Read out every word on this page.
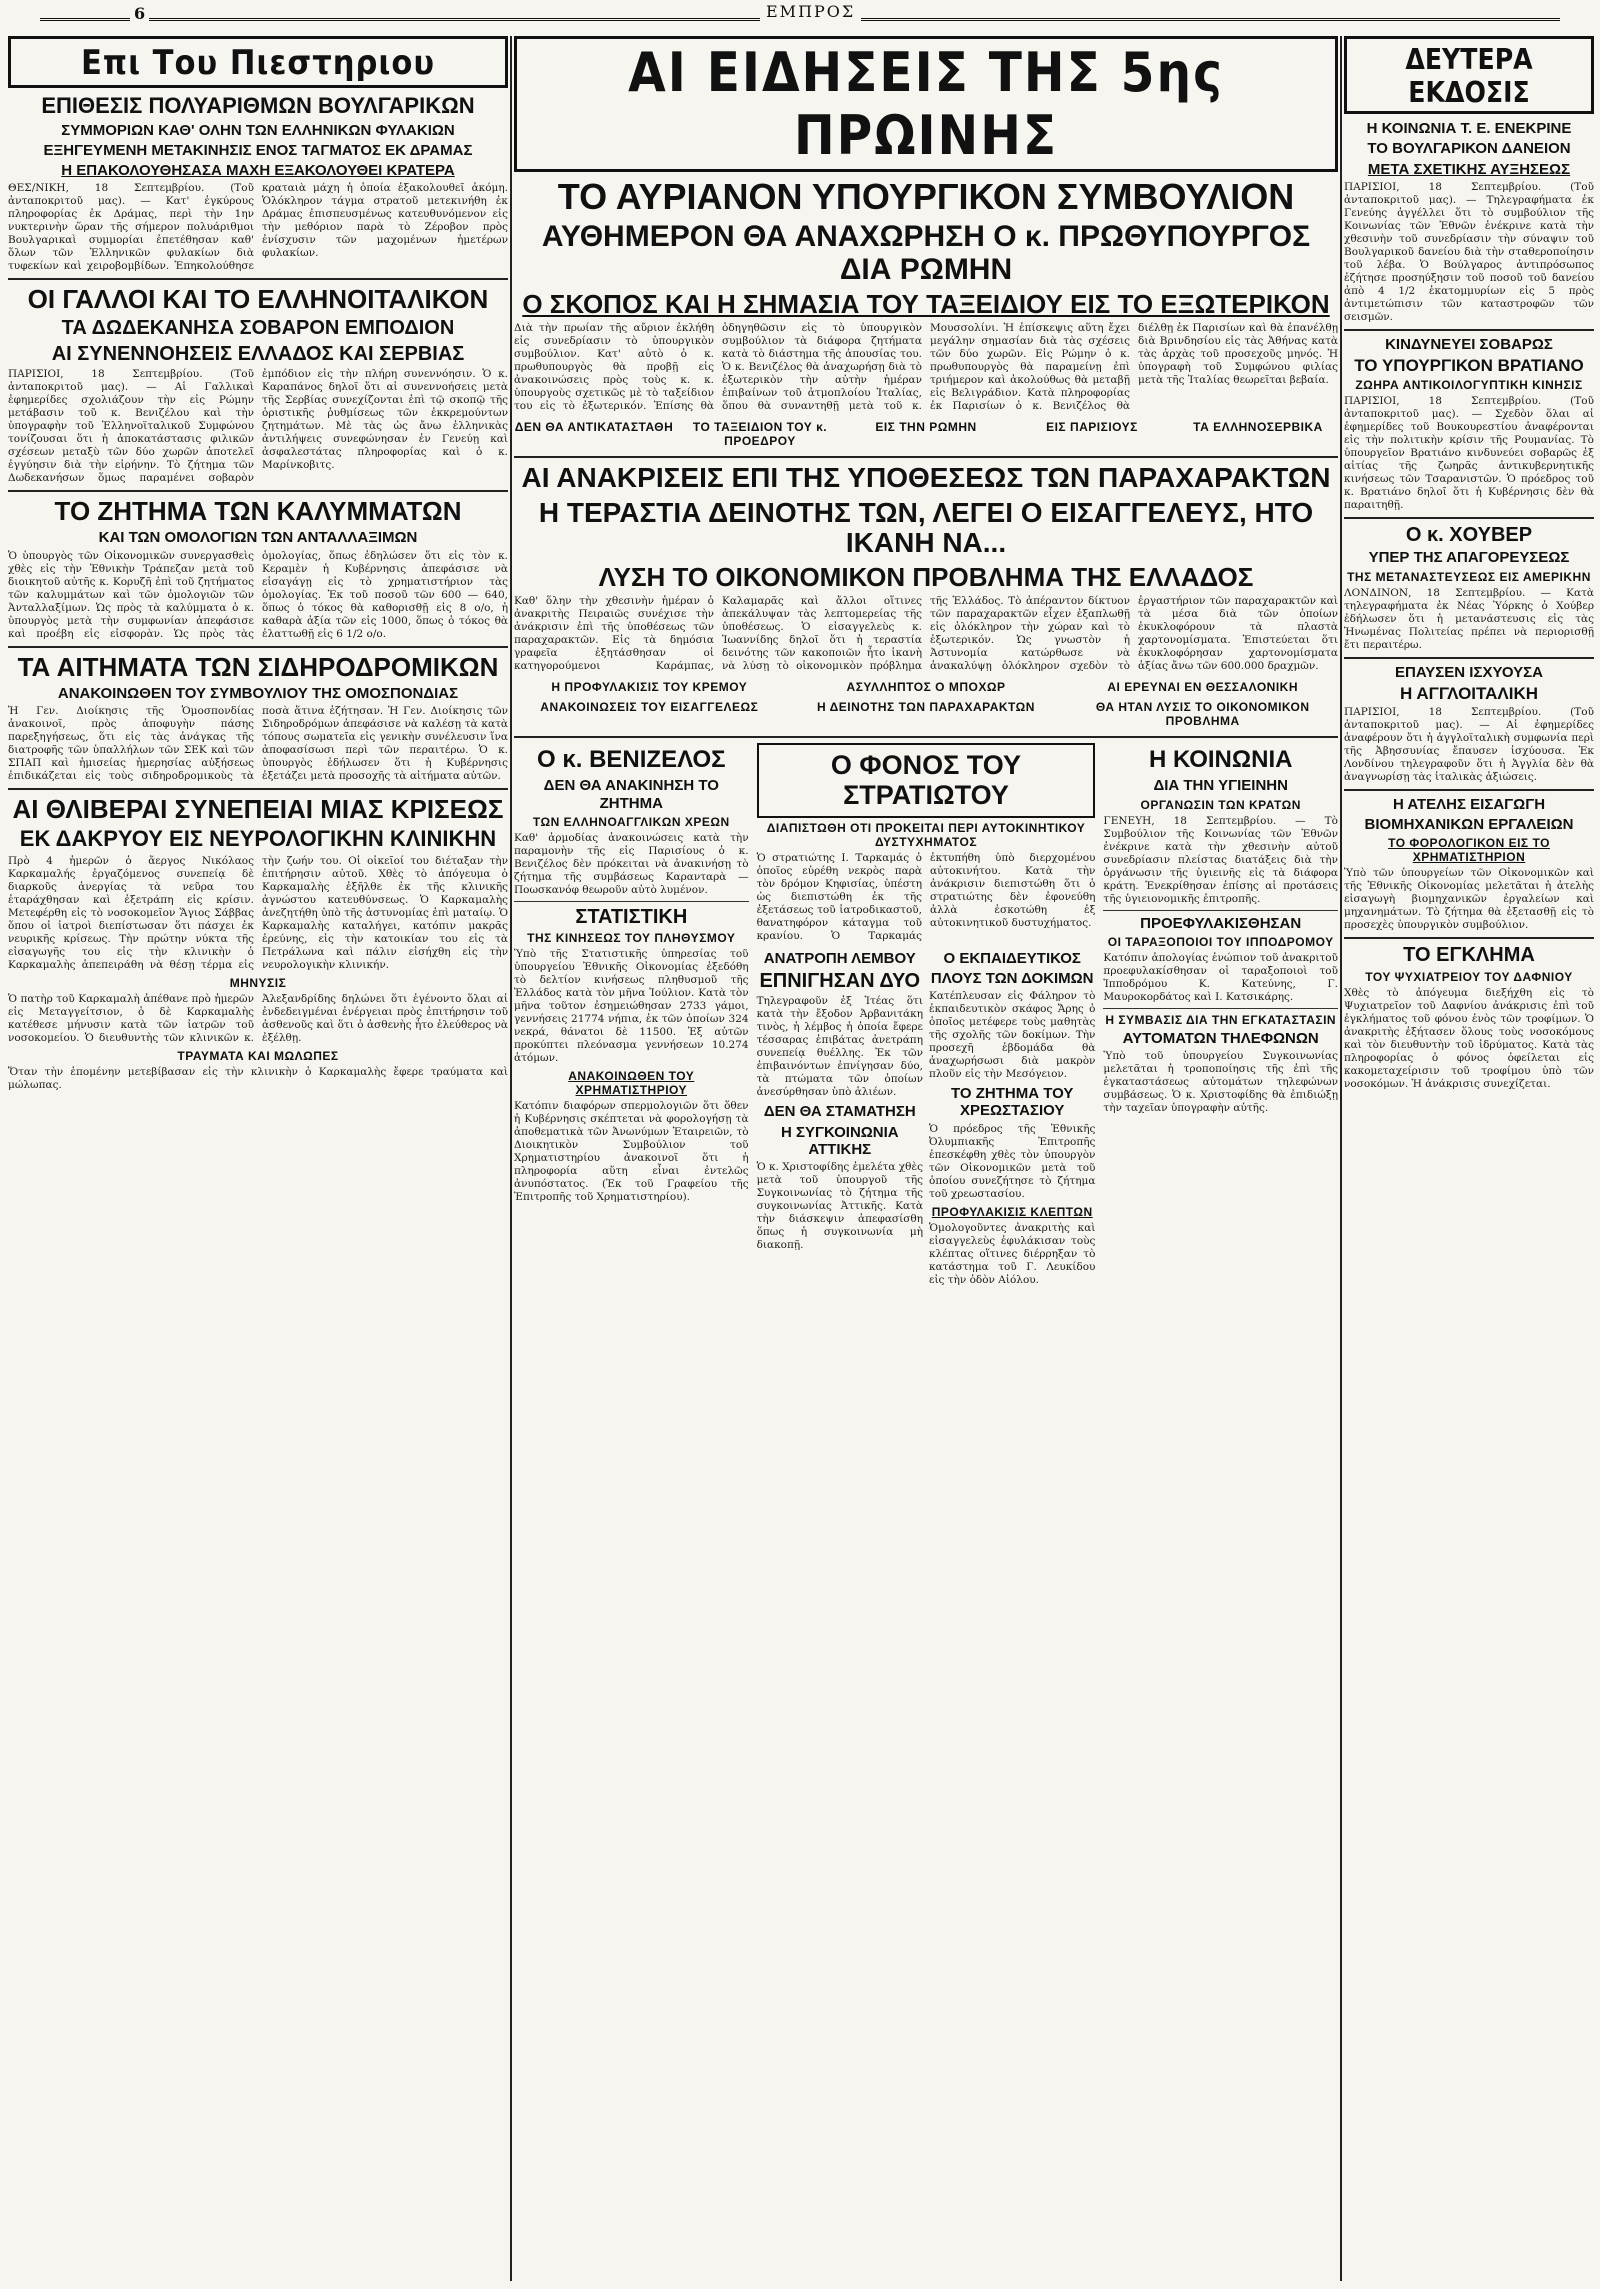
6	ΕΜΠΡΟΣ
Επι Του Πιεστηριου
ΕΠΙΘΕΣΙΣ ΠΟΛΥΑΡΙΘΜΩΝ ΒΟΥΛΓΑΡΙΚΩΝ
ΣΥΜΜΟΡΙΩΝ ΚΑΘ' ΟΛΗΝ ΤΩΝ ΕΛΛΗΝΙΚΩΝ ΦΥΛΑΚΙΩΝ
ΕΞΗΓΕΥΜΕΝΗ ΜΕΤΑΚΙΝΗΣΙΣ ΕΝΟΣ ΤΑΓΜΑΤΟΣ ΕΚ ΔΡΑΜΑΣ
Η ΕΠΑΚΟΛΟΥΘΗΣΑΣΑ ΜΑΧΗ ΕΞΑΚΟΛΟΥΘΕΙ ΚΡΑΤΕΡΑ
ΘΕΣ/ΝΙΚΗ, 18 Σεπτεμβρίου. (Τοῦ ἀνταποκριτοῦ μας). — Κατ' ἐγκύρους πληροφορίας ἐκ Δράμας, περὶ τὴν 1ην νυκτερινὴν ὥραν τῆς σήμερον πολυάριθμοι Βουλγαρικαὶ συμμορίαι ἐπετέθησαν καθ' ὅλων τῶν Ἑλληνικῶν φυλακίων διὰ τυφεκίων καὶ χειροβομβίδων. Ἐπηκολούθησε κραταιὰ μάχη ἡ ὁποία ἐξακολουθεῖ ἀκόμη. Ὁλόκληρον τάγμα στρατοῦ μετεκινήθη ἐκ Δράμας ἐπισπευσμένως κατευθυνόμενον εἰς τὴν μεθόριον παρὰ τὸ Ζέροβον πρὸς ἐνίσχυσιν τῶν μαχομένων ἡμετέρων φυλακίων.
ΟΙ ΓΑΛΛΟΙ ΚΑΙ ΤΟ ΕΛΛΗΝΟΙΤΑΛΙΚΟΝ
ΤΑ ΔΩΔΕΚΑΝΗΣΑ ΣΟΒΑΡΟΝ ΕΜΠΟΔΙΟΝ
ΑΙ ΣΥΝΕΝΝΟΗΣΕΙΣ ΕΛΛΑΔΟΣ ΚΑΙ ΣΕΡΒΙΑΣ
ΠΑΡΙΣΙΟΙ, 18 Σεπτεμβρίου. (Τοῦ ἀνταποκριτοῦ μας). — Αἱ Γαλλικαὶ ἐφημερίδες σχολιάζουν τὴν εἰς Ρώμην μετάβασιν τοῦ κ. Βενιζέλου καὶ τὴν ὑπογραφὴν τοῦ Ἑλληνοϊταλικοῦ Συμφώνου τονίζουσαι ὅτι ἡ ἀποκατάστασις φιλικῶν σχέσεων μεταξὺ τῶν δύο χωρῶν ἀποτελεῖ ἐγγύησιν διὰ τὴν εἰρήνην. Τὸ ζήτημα τῶν Δωδεκανήσων ὅμως παραμένει σοβαρὸν ἐμπόδιον εἰς τὴν πλήρη συνεννόησιν. Ὁ κ. Καραπάνος δηλοῖ ὅτι αἱ συνεννοήσεις μετὰ τῆς Σερβίας συνεχίζονται ἐπὶ τῷ σκοπῷ τῆς ὁριστικῆς ῥυθμίσεως τῶν ἐκκρεμούντων ζητημάτων. Μὲ τὰς ὡς ἄνω ἑλληνικὰς ἀντιλήψεις συνεφώνησαν ἐν Γενεύῃ καὶ ἀσφαλεστάτας πληροφορίας καὶ ὁ κ. Μαρίνκοβιτς.
ΤΟ ΖΗΤΗΜΑ ΤΩΝ ΚΑΛΥΜΜΑΤΩΝ
ΚΑΙ ΤΩΝ ΟΜΟΛΟΓΙΩΝ ΤΩΝ ΑΝΤΑΛΛΑΞΙΜΩΝ
Ὁ ὑπουργὸς τῶν Οἰκονομικῶν συνεργασθεὶς χθὲς εἰς τὴν Ἐθνικὴν Τράπεζαν μετὰ τοῦ διοικητοῦ αὐτῆς κ. Κορυζῆ ἐπὶ τοῦ ζητήματος τῶν καλυμμάτων καὶ τῶν ὁμολογιῶν τῶν Ἀνταλλαξίμων. Ὡς πρὸς τὰ καλύμματα ὁ κ. ὑπουργὸς μετὰ τὴν συμφωνίαν ἀπεφάσισε καὶ προέβη εἰς εἰσφορὰν. Ὡς πρὸς τὰς ὁμολογίας, ὅπως ἐδηλώσεν ὅτι εἰς τὸν κ. Κεραμὲν ἡ Κυβέρνησις ἀπεφάσισε νὰ εἰσαγάγῃ εἰς τὸ χρηματιστήριον τὰς ὁμολογίας. Ἐκ τοῦ ποσοῦ τῶν 600 — 640, ὅπως ὁ τόκος θὰ καθορισθῇ εἰς 8 ο/ο, ἡ καθαρὰ ἀξία τῶν εἰς 1000, ὅπως ὁ τόκος θὰ ἐλαττωθῇ εἰς 6 1/2 ο/ο.
ΤΑ ΑΙΤΗΜΑΤΑ ΤΩΝ ΣΙΔΗΡΟΔΡΟΜΙΚΩΝ
ΑΝΑΚΟΙΝΩΘΕΝ ΤΟΥ ΣΥΜΒΟΥΛΙΟΥ ΤΗΣ ΟΜΟΣΠΟΝΔΙΑΣ
Ἡ Γεν. Διοίκησις τῆς Ὁμοσπονδίας ἀνακοινοῖ, πρὸς ἀποφυγὴν πάσης παρεξηγήσεως, ὅτι εἰς τὰς ἀνάγκας τῆς διατροφῆς τῶν ὑπαλλήλων τῶν ΣΕΚ καὶ τῶν ΣΠΑΠ καὶ ἡμισείας ἡμερησίας αὐξήσεως ἐπιδικάζεται εἰς τοὺς σιδηροδρομικοὺς τὰ ποσὰ ἅτινα ἐζήτησαν. Ἡ Γεν. Διοίκησις τῶν Σιδηροδρόμων ἀπεφάσισε νὰ καλέσῃ τὰ κατὰ τόπους σωματεῖα εἰς γενικὴν συνέλευσιν ἵνα ἀποφασίσωσι περὶ τῶν περαιτέρω. Ὁ κ. ὑπουργὸς ἐδήλωσεν ὅτι ἡ Κυβέρνησις ἐξετάζει μετὰ προσοχῆς τὰ αἰτήματα αὐτῶν.
ΑΙ ΘΛΙΒΕΡΑΙ ΣΥΝΕΠΕΙΑΙ ΜΙΑΣ ΚΡΙΣΕΩΣ
ΕΚ ΔΑΚΡΥΟΥ ΕΙΣ ΝΕΥΡΟΛΟΓΙΚΗΝ ΚΛΙΝΙΚΗΝ
Πρὸ 4 ἡμερῶν ὁ ἄεργος Νικόλαος Καρκαμαλής ἐργαζόμενος συνεπείᾳ δὲ διαρκοῦς ἀνεργίας τὰ νεῦρα του ἐταράχθησαν καὶ ἐξετράπη εἰς κρίσιν. Μετεφέρθη εἰς τὸ νοσοκομεῖον Ἅγιος Σάββας ὅπου οἱ ἰατροὶ διεπίστωσαν ὅτι πάσχει ἐκ νευρικῆς κρίσεως. Τὴν πρώτην νύκτα τῆς εἰσαγωγῆς του εἰς τὴν κλινικὴν ὁ Καρκαμαλὴς ἀπεπειράθη νὰ θέσῃ τέρμα εἰς τὴν ζωήν του. Οἱ οἰκεῖοί του διέταξαν τὴν ἐπιτήρησιν αὐτοῦ. Χθὲς τὸ ἀπόγευμα ὁ Καρκαμαλὴς ἐξῆλθε ἐκ τῆς κλινικῆς ἀγνώστου κατευθύνσεως. Ὁ Καρκαμαλὴς ἀνεζητήθη ὑπὸ τῆς ἀστυνομίας ἐπὶ ματαίῳ. Ὁ Καρκαμαλὴς καταλήγει, κατόπιν μακρᾶς ἐρεύνης, εἰς τὴν κατοικίαν του εἰς τὰ Πετράλωνα καὶ πάλιν εἰσήχθη εἰς τὴν νευρολογικὴν κλινικήν.
ΜΗΝΥΣΙΣ
Ὁ πατὴρ τοῦ Καρκαμαλὴ ἀπέθανε πρὸ ἡμερῶν εἰς Μεταγγείτσιον, ὁ δὲ Καρκαμαλὴς κατέθεσε μήνυσιν κατὰ τῶν ἰατρῶν τοῦ νοσοκομείου. Ὁ διευθυντὴς τῶν κλινικῶν κ. Ἀλεξανδρίδης δηλώνει ὅτι ἐγένοντο ὅλαι αἱ ἐνδεδειγμέναι ἐνέργειαι πρὸς ἐπιτήρησιν τοῦ ἀσθενοῦς καὶ ὅτι ὁ ἀσθενὴς ἦτο ἐλεύθερος νὰ ἐξέλθῃ.
ΤΡΑΥΜΑΤΑ ΚΑΙ ΜΩΛΩΠΕΣ
Ὅταν τὴν ἐπομένην μετεβίβασαν εἰς τὴν κλινικὴν ὁ Καρκαμαλὴς ἔφερε τραύματα καὶ μώλωπας.
ΑΙ ΕΙΔΗΣΕΙΣ ΤΗΣ 5ης ΠΡΩΙΝΗΣ
ΤΟ ΑΥΡΙΑΝΟΝ ΥΠΟΥΡΓΙΚΟΝ ΣΥΜΒΟΥΛΙΟΝ
ΑΥΘΗΜΕΡΟΝ ΘΑ ΑΝΑΧΩΡΗΣΗ Ο κ. ΠΡΩΘΥΠΟΥΡΓΟΣ ΔΙΑ ΡΩΜΗΝ
Ο ΣΚΟΠΟΣ ΚΑΙ Η ΣΗΜΑΣΙΑ ΤΟΥ ΤΑΞΕΙΔΙΟΥ ΕΙΣ ΤΟ ΕΞΩΤΕΡΙΚΟΝ
Διὰ τὴν πρωίαν τῆς αὔριον ἐκλήθη εἰς συνεδρίασιν τὸ ὑπουργικὸν συμβούλιον. Κατ' αὐτὸ ὁ κ. πρωθυπουργὸς θὰ προβῇ εἰς ἀνακοινώσεις πρὸς τοὺς κ. κ. ὑπουργοὺς σχετικῶς μὲ τὸ ταξείδιον του εἰς τὸ ἐξωτερικόν. Ἐπίσης θὰ ὁδηγηθῶσιν εἰς τὸ ὑπουργικὸν συμβούλιον τὰ διάφορα ζητήματα κατὰ τὸ διάστημα τῆς ἀπουσίας του. Ὁ κ. Βενιζέλος θὰ ἀναχωρήσῃ διὰ τὸ ἐξωτερικὸν τὴν αὐτὴν ἡμέραν ἐπιβαίνων τοῦ ἀτμοπλοίου Ἰταλίας, ὅπου θὰ συναντηθῇ μετὰ τοῦ κ. Μουσσολίνι. Ἡ ἐπίσκεψις αὕτη ἔχει μεγάλην σημασίαν διὰ τὰς σχέσεις τῶν δύο χωρῶν. Εἰς Ρώμην ὁ κ. πρωθυπουργὸς θὰ παραμείνῃ ἐπὶ τριήμερον καὶ ἀκολούθως θὰ μεταβῇ εἰς Βελιγράδιον. Κατὰ πληροφορίας ἐκ Παρισίων ὁ κ. Βενιζέλος θὰ διέλθῃ ἐκ Παρισίων καὶ θὰ ἐπανέλθῃ διὰ Βρινδησίου εἰς τὰς Ἀθήνας κατὰ τὰς ἀρχὰς τοῦ προσεχοῦς μηνός. Ἡ ὑπογραφὴ τοῦ Συμφώνου φιλίας μετὰ τῆς Ἰταλίας θεωρεῖται βεβαία.
ΔΕΝ ΘΑ ΑΝΤΙΚΑΤΑΣΤΑΘΗ	ΤΟ ΤΑΞΕΙΔΙΟΝ ΤΟΥ κ. ΠΡΟΕΔΡΟΥ
ΕΙΣ ΤΗΝ ΡΩΜΗΝ	ΕΙΣ ΠΑΡΙΣΙΟΥΣ	ΤΑ ΕΛΛΗΝΟΣΕΡΒΙΚΑ
ΑΙ ΑΝΑΚΡΙΣΕΙΣ ΕΠΙ ΤΗΣ ΥΠΟΘΕΣΕΩΣ ΤΩΝ ΠΑΡΑΧΑΡΑΚΤΩΝ
Η ΤΕΡΑΣΤΙΑ ΔΕΙΝΟΤΗΣ ΤΩΝ, ΛΕΓΕΙ Ο ΕΙΣΑΓΓΕΛΕΥΣ, ΗΤΟ ΙΚΑΝΗ ΝΑ...
ΛΥΣΗ ΤΟ ΟΙΚΟΝΟΜΙΚΟΝ ΠΡΟΒΛΗΜΑ ΤΗΣ ΕΛΛΑΔΟΣ
Καθ' ὅλην τὴν χθεσινὴν ἡμέραν ὁ ἀνακριτὴς Πειραιῶς συνέχισε τὴν ἀνάκρισιν ἐπὶ τῆς ὑποθέσεως τῶν παραχαρακτῶν. Εἰς τὰ δημόσια γραφεῖα ἐξητάσθησαν οἱ κατηγορούμενοι Καράμπας, Καλαμαρᾶς καὶ ἄλλοι οἵτινες ἀπεκάλυψαν τὰς λεπτομερείας τῆς ὑποθέσεως. Ὁ εἰσαγγελεὺς κ. Ἰωαννίδης δηλοῖ ὅτι ἡ τεραστία δεινότης τῶν κακοποιῶν ἦτο ἱκανὴ νὰ λύσῃ τὸ οἰκονομικὸν πρόβλημα τῆς Ἑλλάδος. Τὸ ἀπέραντον δίκτυον τῶν παραχαρακτῶν εἶχεν ἐξαπλωθῇ εἰς ὁλόκληρον τὴν χώραν καὶ τὸ ἐξωτερικόν. Ὡς γνωστὸν ἡ Ἀστυνομία κατώρθωσε νὰ ἀνακαλύψῃ ὁλόκληρον σχεδὸν τὸ ἐργαστήριον τῶν παραχαρακτῶν καὶ τὰ μέσα διὰ τῶν ὁποίων ἐκυκλοφόρουν τὰ πλαστὰ χαρτονομίσματα. Ἐπιστεύεται ὅτι ἐκυκλοφόρησαν χαρτονομίσματα ἀξίας ἄνω τῶν 600.000 δραχμῶν.
Η ΠΡΟΦΥΛΑΚΙΣΙΣ ΤΟΥ ΚΡΕΜΟΥ	ΑΣΥΛΛΗΠΤΟΣ Ο ΜΠΟΧΩΡ	ΑΙ ΕΡΕΥΝΑΙ ΕΝ ΘΕΣΣΑΛΟΝΙΚΗ
ΑΝΑΚΟΙΝΩΣΕΙΣ ΤΟΥ ΕΙΣΑΓΓΕΛΕΩΣ	Η ΔΕΙΝΟΤΗΣ ΤΩΝ ΠΑΡΑΧΑΡΑΚΤΩΝ	ΘΑ ΗΤΑΝ ΛΥΣΙΣ ΤΟ ΟΙΚΟΝΟΜΙΚΟΝ ΠΡΟΒΛΗΜΑ
Ο κ. ΒΕΝΙΖΕΛΟΣ
ΔΕΝ ΘΑ ΑΝΑΚΙΝΗΣΗ ΤΟ ΖΗΤΗΜΑ
ΤΩΝ ΕΛΛΗΝΟΑΓΓΛΙΚΩΝ ΧΡΕΩΝ
Καθ' ἁρμοδίας ἀνακοινώσεις κατὰ τὴν παραμονὴν τῆς εἰς Παρισίους ὁ κ. Βενιζέλος δὲν πρόκειται νὰ ἀνακινήσῃ τὸ ζήτημα τῆς συμβάσεως Καρανταρὰ — Ποωσκανόφ θεωροῦν αὐτὸ λυμένον.
ΣΤΑΤΙΣΤΙΚΗ
ΤΗΣ ΚΙΝΗΣΕΩΣ ΤΟΥ ΠΛΗΘΥΣΜΟΥ
Ὑπὸ τῆς Στατιστικῆς ὑπηρεσίας τοῦ ὑπουργείου Ἐθνικῆς Οἰκονομίας ἐξεδόθη τὸ δελτίον κινήσεως πληθυσμοῦ τῆς Ἑλλάδος κατὰ τὸν μῆνα Ἰούλιον. Κατὰ τὸν μῆνα τοῦτον ἐσημειώθησαν 2733 γάμοι, γεννήσεις 21774 νήπια, ἐκ τῶν ὁποίων 324 νεκρά, θάνατοι δὲ 11500. Ἐξ αὐτῶν προκύπτει πλεόνασμα γεννήσεων 10.274 ἀτόμων.
ΑΝΑΚΟΙΝΩΘΕΝ ΤΟΥ ΧΡΗΜΑΤΙΣΤΗΡΙΟΥ
Κατόπιν διαφόρων σπερμολογιῶν ὅτι ὅθεν ἡ Κυβέρνησις σκέπτεται νὰ φορολογήσῃ τὰ ἀποθεματικὰ τῶν Ἀνωνύμων Ἑταιρειῶν, τὸ Διοικητικὸν Συμβούλιον τοῦ Χρηματιστηρίου ἀνακοινοῖ ὅτι ἡ πληροφορία αὕτη εἶναι ἐντελῶς ἀνυπόστατος. (Ἐκ τοῦ Γραφείου τῆς Ἐπιτροπῆς τοῦ Χρηματιστηρίου).
Ο ΦΟΝΟΣ ΤΟΥ ΣΤΡΑΤΙΩΤΟΥ
ΔΙΑΠΙΣΤΩΘΗ ΟΤΙ ΠΡΟΚΕΙΤΑΙ ΠΕΡΙ ΑΥΤΟΚΙΝΗΤΙΚΟΥ ΔΥΣΤΥΧΗΜΑΤΟΣ
Ὁ στρατιώτης Ι. Ταρκαμάς ὁ ὁποῖος εὑρέθη νεκρὸς παρὰ τὸν δρόμον Κηφισίας, ὑπέστη ὡς διεπιστώθη ἐκ τῆς ἐξετάσεως τοῦ ἰατροδικαστοῦ, θανατηφόρον κάταγμα τοῦ κρανίου. Ὁ Ταρκαμάς ἐκτυπήθη ὑπὸ διερχομένου αὐτοκινήτου. Κατὰ τὴν ἀνάκρισιν διεπιστώθη ὅτι ὁ στρατιώτης δὲν ἐφονεύθη ἀλλὰ ἐσκοτώθη ἐξ αὐτοκινητικοῦ δυστυχήματος.
ΑΝΑΤΡΟΠΗ ΛΕΜΒΟΥ
ΕΠΝΙΓΗΣΑΝ ΔΥΟ
Τηλεγραφοῦν ἐξ Ἰτέας ὅτι κατὰ τὴν ἔξοδον Ἀρβανιτάκη τινὸς, ἡ λέμβος ἡ ὁποία ἔφερε τέσσαρας ἐπιβάτας ἀνετράπη συνεπείᾳ θυέλλης. Ἐκ τῶν ἐπιβαινόντων ἐπνίγησαν δύο, τὰ πτώματα τῶν ὁποίων ἀνεσύρθησαν ὑπὸ ἁλιέων.
ΔΕΝ ΘΑ ΣΤΑΜΑΤΗΣΗ
Η ΣΥΓΚΟΙΝΩΝΙΑ ΑΤΤΙΚΗΣ
Ὁ κ. Χριστοφίδης ἐμελέτα χθὲς μετὰ τοῦ ὑπουργοῦ τῆς Συγκοινωνίας τὸ ζήτημα τῆς συγκοινωνίας Ἀττικῆς. Κατὰ τὴν διάσκεψιν ἀπεφασίσθη ὅπως ἡ συγκοινωνία μὴ διακοπῇ.
Ο ΕΚΠΑΙΔΕΥΤΙΚΟΣ
ΠΛΟΥΣ ΤΩΝ ΔΟΚΙΜΩΝ
Κατέπλευσαν εἰς Φάληρον τὸ ἐκπαιδευτικὸν σκάφος Ἄρης ὁ ὁποῖος μετέφερε τοὺς μαθητὰς τῆς σχολῆς τῶν δοκίμων. Τὴν προσεχῆ ἑβδομάδα θὰ ἀναχωρήσωσι διὰ μακρὸν πλοῦν εἰς τὴν Μεσόγειον.
ΤΟ ΖΗΤΗΜΑ ΤΟΥ ΧΡΕΩΣΤΑΣΙΟΥ
Ὁ πρόεδρος τῆς Ἐθνικῆς Ὀλυμπιακῆς Ἐπιτροπῆς ἐπεσκέφθη χθὲς τὸν ὑπουργὸν τῶν Οἰκονομικῶν μετὰ τοῦ ὁποίου συνεζήτησε τὸ ζήτημα τοῦ χρεωστασίου.
ΠΡΟΦΥΛΑΚΙΣΙΣ ΚΛΕΠΤΩΝ
Ὁμολογοῦντες ἀνακριτὴς καὶ εἰσαγγελεὺς ἐφυλάκισαν τοὺς κλέπτας οἵτινες διέρρηξαν τὸ κατάστημα τοῦ Γ. Λευκίδου εἰς τὴν ὁδὸν Αἰόλου.
Η ΚΟΙΝΩΝΙΑ
ΔΙΑ ΤΗΝ ΥΓΙΕΙΝΗΝ
ΟΡΓΑΝΩΣΙΝ ΤΩΝ ΚΡΑΤΩΝ
ΓΕΝΕΥΗ, 18 Σεπτεμβρίου. — Τὸ Συμβούλιον τῆς Κοινωνίας τῶν Ἐθνῶν ἐνέκρινε κατὰ τὴν χθεσινὴν αὐτοῦ συνεδρίασιν πλείστας διατάξεις διὰ τὴν ὀργάνωσιν τῆς ὑγιεινῆς εἰς τὰ διάφορα κράτη. Ἐνεκρίθησαν ἐπίσης αἱ προτάσεις τῆς ὑγιειονομικῆς ἐπιτροπῆς.
ΠΡΟΕΦΥΛΑΚΙΣΘΗΣΑΝ
ΟΙ ΤΑΡΑΞΟΠΟΙΟΙ ΤΟΥ ΙΠΠΟΔΡΟΜΟΥ
Κατόπιν ἀπολογίας ἐνώπιον τοῦ ἀνακριτοῦ προεφυλακίσθησαν οἱ ταραξοποιοὶ τοῦ Ἱπποδρόμου Κ. Κατεύνης, Γ. Μαυροκορδάτος καὶ Ι. Κατσικάρης.
Η ΣΥΜΒΑΣΙΣ ΔΙΑ ΤΗΝ ΕΓΚΑΤΑΣΤΑΣΙΝ
ΑΥΤΟΜΑΤΩΝ ΤΗΛΕΦΩΝΩΝ
Ὑπὸ τοῦ ὑπουργείου Συγκοινωνίας μελετᾶται ἡ τροποποίησις τῆς ἐπὶ τῆς ἐγκαταστάσεως αὐτομάτων τηλεφώνων συμβάσεως. Ὁ κ. Χριστοφίδης θὰ ἐπιδιώξῃ τὴν ταχεῖαν ὑπογραφὴν αὐτῆς.
ΔΕΥΤΕΡΑ ΕΚΔΟΣΙΣ
Η ΚΟΙΝΩΝΙΑ Τ. Ε. ΕΝΕΚΡΙΝΕ
ΤΟ ΒΟΥΛΓΑΡΙΚΟΝ ΔΑΝΕΙΟΝ
ΜΕΤΑ ΣΧΕΤΙΚΗΣ ΑΥΞΗΣΕΩΣ
ΠΑΡΙΣΙΟΙ, 18 Σεπτεμβρίου. (Τοῦ ἀνταποκριτοῦ μας). — Τηλεγραφήματα ἐκ Γενεύης ἀγγέλλει ὅτι τὸ συμβούλιον τῆς Κοινωνίας τῶν Ἐθνῶν ἐνέκρινε κατὰ τὴν χθεσινὴν τοῦ συνεδρίασιν τὴν σύναψιν τοῦ Βουλγαρικοῦ δανείου διὰ τὴν σταθεροποίησιν τοῦ λέβα. Ὁ Βούλγαρος ἀντιπρόσωπος ἐζήτησε προσηύξησιν τοῦ ποσοῦ τοῦ δανείου ἀπὸ 4 1/2 ἑκατομμυρίων εἰς 5 πρὸς ἀντιμετώπισιν τῶν καταστροφῶν τῶν σεισμῶν.
ΚΙΝΔΥΝΕΥΕΙ ΣΟΒΑΡΩΣ
ΤΟ ΥΠΟΥΡΓΙΚΟΝ ΒΡΑΤΙΑΝΟ
ΖΩΗΡΑ ΑΝΤΙΚΟΙΛΟΓΥΠΤΙΚΗ ΚΙΝΗΣΙΣ
ΠΑΡΙΣΙΟΙ, 18 Σεπτεμβρίου. (Τοῦ ἀνταποκριτοῦ μας). — Σχεδὸν ὅλαι αἱ ἐφημερίδες τοῦ Βουκουρεστίου ἀναφέρονται εἰς τὴν πολιτικὴν κρίσιν τῆς Ρουμανίας. Τὸ ὑπουργεῖον Βρατιάνο κινδυνεύει σοβαρῶς ἐξ αἰτίας τῆς ζωηρᾶς ἀντικυβερνητικῆς κινήσεως τῶν Τσαρανιστῶν. Ὁ πρόεδρος τοῦ κ. Βρατιάνο δηλοῖ ὅτι ἡ Κυβέρνησις δὲν θὰ παραιτηθῇ.
Ο κ. ΧΟΥΒΕΡ
ΥΠΕΡ ΤΗΣ ΑΠΑΓΟΡΕΥΣΕΩΣ
ΤΗΣ ΜΕΤΑΝΑΣΤΕΥΣΕΩΣ ΕΙΣ ΑΜΕΡΙΚΗΝ
ΛΟΝΔΙΝΟΝ, 18 Σεπτεμβρίου. — Κατὰ τηλεγραφήματα ἐκ Νέας Ὑόρκης ὁ Χούβερ ἐδήλωσεν ὅτι ἡ μετανάστευσις εἰς τὰς Ἡνωμένας Πολιτείας πρέπει νὰ περιορισθῇ ἔτι περαιτέρω.
ΕΠΑΥΣΕΝ ΙΣΧΥΟΥΣΑ
Η ΑΓΓΛΟΙΤΑΛΙΚΗ
ΠΑΡΙΣΙΟΙ, 18 Σεπτεμβρίου. (Τοῦ ἀνταποκριτοῦ μας). — Αἱ ἐφημερίδες ἀναφέρουν ὅτι ἡ ἀγγλοϊταλικὴ συμφωνία περὶ τῆς Ἀβησσυνίας ἔπαυσεν ἰσχύουσα. Ἐκ Λονδίνου τηλεγραφοῦν ὅτι ἡ Ἀγγλία δὲν θὰ ἀναγνωρίσῃ τὰς ἰταλικὰς ἀξιώσεις.
Η ΑΤΕΛΗΣ ΕΙΣΑΓΩΓΗ
ΒΙΟΜΗΧΑΝΙΚΩΝ ΕΡΓΑΛΕΙΩΝ
ΤΟ ΦΟΡΟΛΟΓΙΚΟΝ ΕΙΣ ΤΟ ΧΡΗΜΑΤΙΣΤΗΡΙΟΝ
Ὑπὸ τῶν ὑπουργείων τῶν Οἰκονομικῶν καὶ τῆς Ἐθνικῆς Οἰκονομίας μελετᾶται ἡ ἀτελὴς εἰσαγωγὴ βιομηχανικῶν ἐργαλείων καὶ μηχανημάτων. Τὸ ζήτημα θὰ ἐξετασθῇ εἰς τὸ προσεχὲς ὑπουργικὸν συμβούλιον.
ΤΟ ΕΓΚΛΗΜΑ
ΤΟΥ ΨΥΧΙΑΤΡΕΙΟΥ ΤΟΥ ΔΑΦΝΙΟΥ
Χθὲς τὸ ἀπόγευμα διεξήχθη εἰς τὸ Ψυχιατρεῖον τοῦ Δαφνίου ἀνάκρισις ἐπὶ τοῦ ἐγκλήματος τοῦ φόνου ἐνὸς τῶν τροφίμων. Ὁ ἀνακριτὴς ἐξήτασεν ὅλους τοὺς νοσοκόμους καὶ τὸν διευθυντὴν τοῦ ἱδρύματος. Κατὰ τὰς πληροφορίας ὁ φόνος ὀφείλεται εἰς κακομεταχείρισιν τοῦ τροφίμου ὑπὸ τῶν νοσοκόμων. Ἡ ἀνάκρισις συνεχίζεται.
